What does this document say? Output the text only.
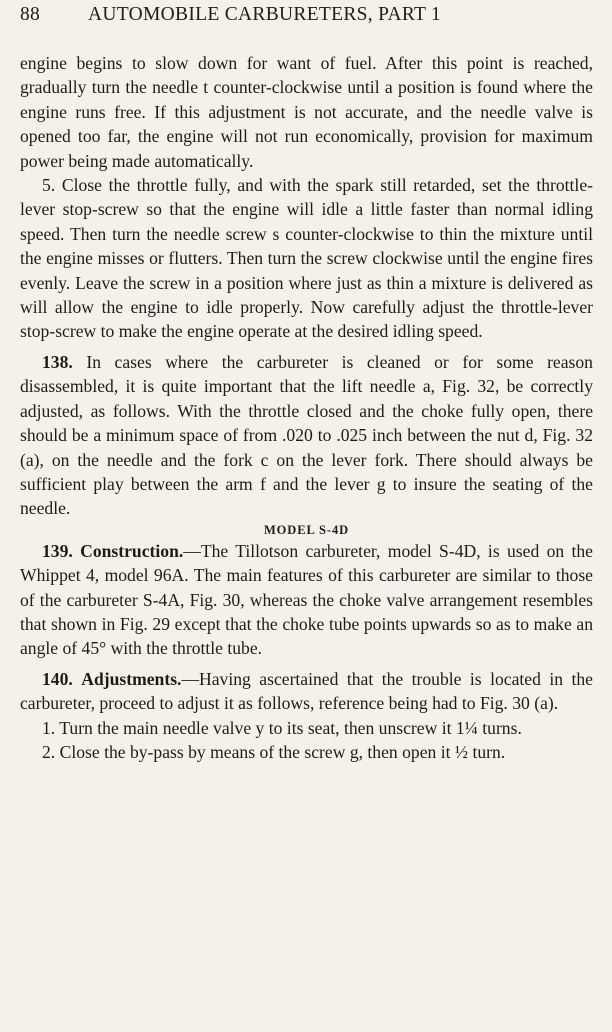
88 AUTOMOBILE CARBURETERS, PART 1

engine begins to slow down for want of fuel. After this point is reached, gradually turn the needle t counter-clockwise until a position is found where the engine runs free. If this adjustment is not accurate, and the needle valve is opened too far, the engine will not run economically, provision for maximum power being made automatically.

5. Close the throttle fully, and with the spark still retarded, set the throttle-lever stop-screw so that the engine will idle a little faster than normal idling speed. Then turn the needle screw s counter-clockwise to thin the mixture until the engine misses or flutters. Then turn the screw clockwise until the engine fires evenly. Leave the screw in a position where just as thin a mixture is delivered as will allow the engine to idle properly. Now carefully adjust the throttle-lever stop-screw to make the engine operate at the desired idling speed.

138. In cases where the carbureter is cleaned or for some reason disassembled, it is quite important that the lift needle a, Fig. 32, be correctly adjusted, as follows. With the throttle closed and the choke fully open, there should be a minimum space of from .020 to .025 inch between the nut d, Fig. 32 (a), on the needle and the fork c on the lever fork. There should always be sufficient play between the arm f and the lever g to insure the seating of the needle.

MODEL S-4D

139. Construction.—The Tillotson carbureter, model S-4D, is used on the Whippet 4, model 96A. The main features of this carbureter are similar to those of the carbureter S-4A, Fig. 30, whereas the choke valve arrangement resembles that shown in Fig. 29 except that the choke tube points upwards so as to make an angle of 45° with the throttle tube.

140. Adjustments.—Having ascertained that the trouble is located in the carbureter, proceed to adjust it as follows, reference being had to Fig. 30 (a).

1. Turn the main needle valve y to its seat, then unscrew it 1¼ turns.

2. Close the by-pass by means of the screw g, then open it ½ turn.
